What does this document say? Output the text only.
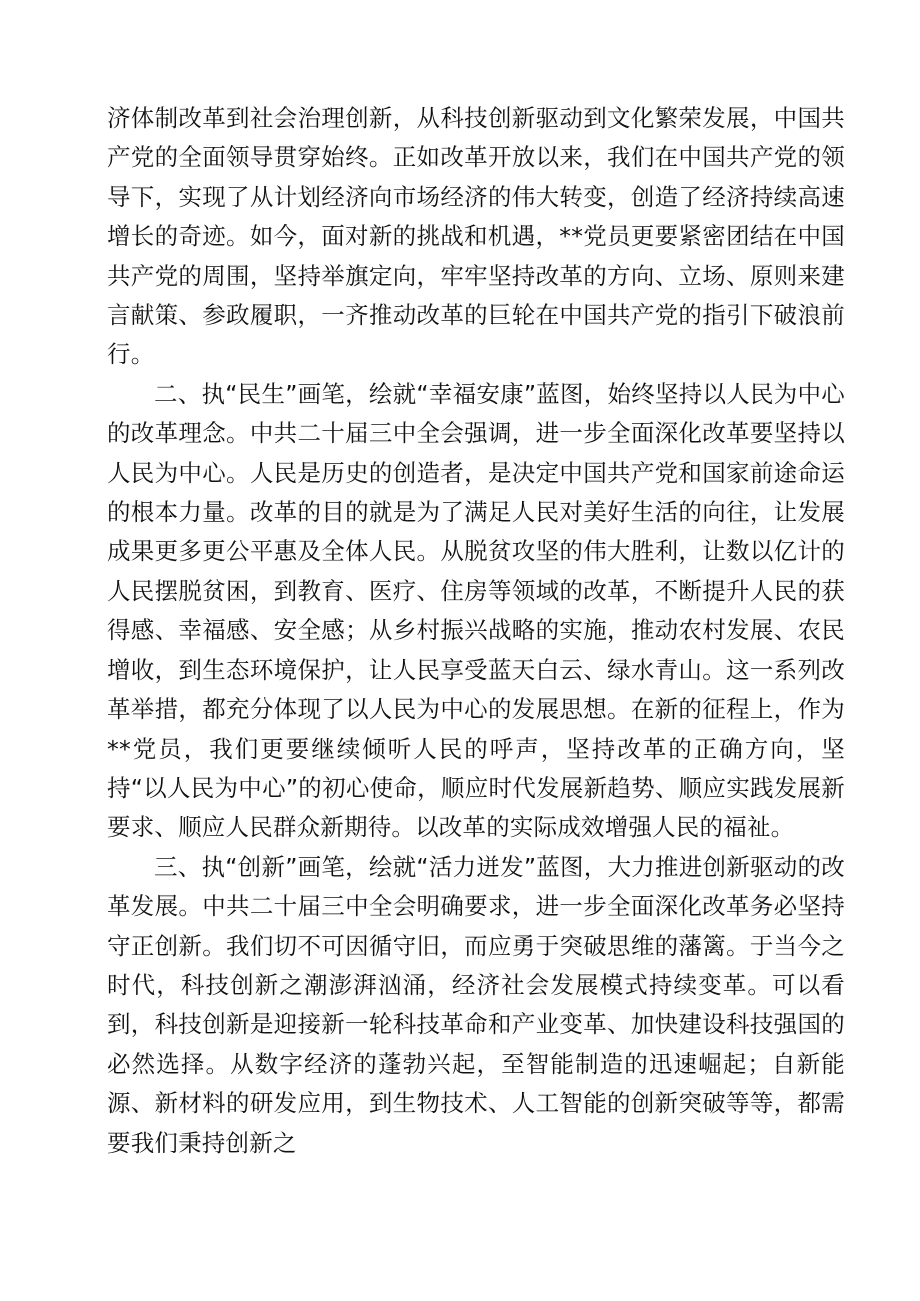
济体制改革到社会治理创新，从科技创新驱动到文化繁荣发展，中国共产党的全面领导贯穿始终。正如改革开放以来，我们在中国共产党的领导下，实现了从计划经济向市场经济的伟大转变，创造了经济持续高速增长的奇迹。如今，面对新的挑战和机遇，**党员更要紧密团结在中国共产党的周围，坚持举旗定向，牢牢坚持改革的方向、立场、原则来建言献策、参政履职，一齐推动改革的巨轮在中国共产党的指引下破浪前行。

二、执“民生”画笔，绘就“幸福安康”蓝图，始终坚持以人民为中心的改革理念。中共二十届三中全会强调，进一步全面深化改革要坚持以人民为中心。人民是历史的创造者，是决定中国共产党和国家前途命运的根本力量。改革的目的就是为了满足人民对美好生活的向往，让发展成果更多更公平惠及全体人民。从脱贫攻坚的伟大胜利，让数以亿计的人民摆脱贫困，到教育、医疗、住房等领域的改革，不断提升人民的获得感、幸福感、安全感；从乡村振兴战略的实施，推动农村发展、农民增收，到生态环境保护，让人民享受蓝天白云、绿水青山。这一系列改革举措，都充分体现了以人民为中心的发展思想。在新的征程上，作为**党员，我们更要继续倾听人民的呼声，坚持改革的正确方向，坚持“以人民为中心”的初心使命，顺应时代发展新趋势、顺应实践发展新要求、顺应人民群众新期待。以改革的实际成效增强人民的福祉。

三、执“创新”画笔，绘就“活力迸发”蓝图，大力推进创新驱动的改革发展。中共二十届三中全会明确要求，进一步全面深化改革务必坚持守正创新。我们切不可因循守旧，而应勇于突破思维的藩篱。于当今之时代，科技创新之潮澎湃汹涌，经济社会发展模式持续变革。可以看到，科技创新是迎接新一轮科技革命和产业变革、加快建设科技强国的必然选择。从数字经济的蓬勃兴起，至智能制造的迅速崛起；自新能源、新材料的研发应用，到生物技术、人工智能的创新突破等等，都需要我们秉持创新之
